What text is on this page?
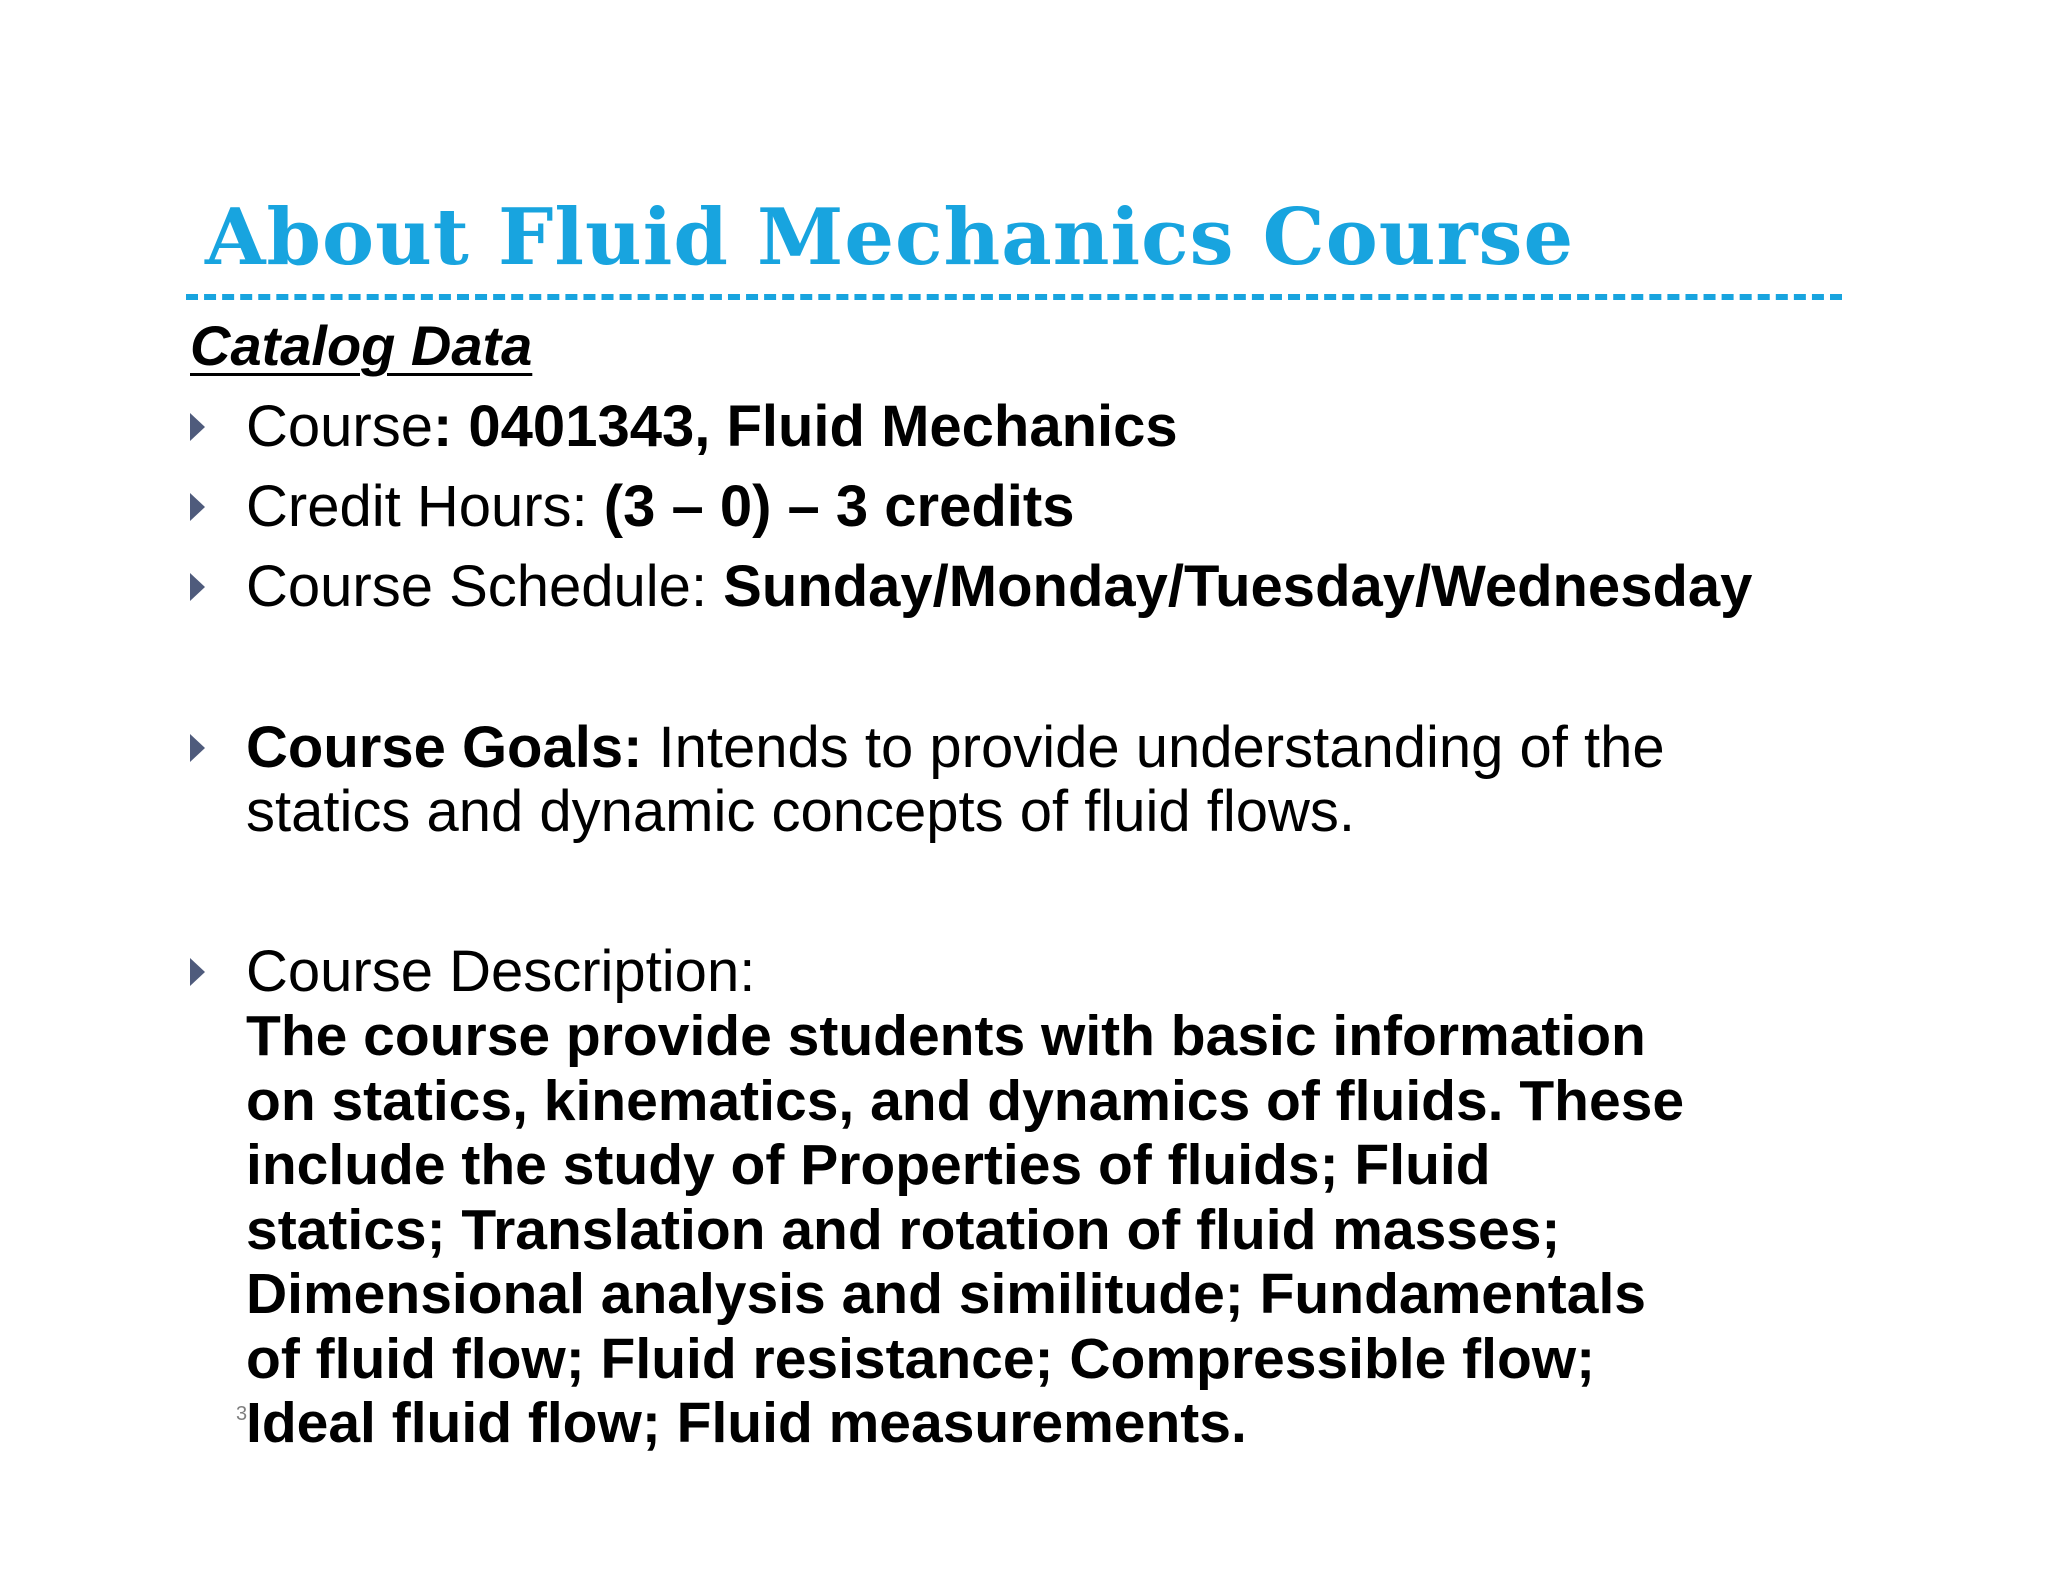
About Fluid Mechanics Course
Catalog Data
Course: 0401343, Fluid Mechanics
Credit Hours: (3 – 0) – 3 credits
Course Schedule: Sunday/Monday/Tuesday/Wednesday
Course Goals: Intends to provide understanding of the
statics and dynamic concepts of fluid flows.
Course Description:
The course provide students with basic information
on statics, kinematics, and dynamics of fluids. These
include the study of Properties of fluids; Fluid
statics; Translation and rotation of fluid masses;
Dimensional analysis and similitude; Fundamentals
of fluid flow; Fluid resistance; Compressible flow;
Ideal fluid flow; Fluid measurements.
3
